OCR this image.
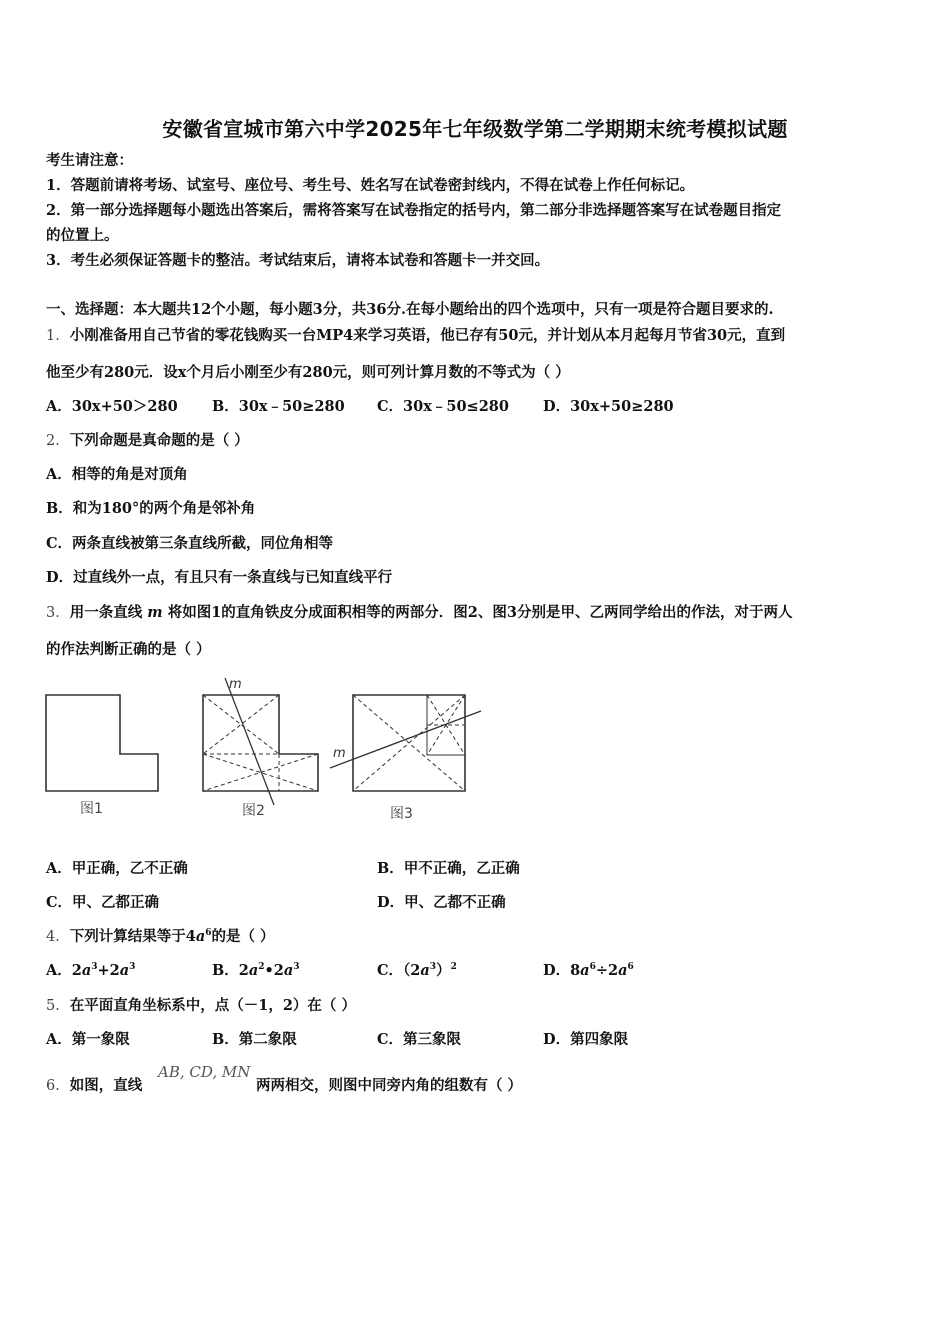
安徽省宣城市第六中学2025年七年级数学第二学期期末统考模拟试题
考生请注意：
1．答题前请将考场、试室号、座位号、考生号、姓名写在试卷密封线内，不得在试卷上作任何标记。
2．第一部分选择题每小题选出答案后，需将答案写在试卷指定的括号内，第二部分非选择题答案写在试卷题目指定
的位置上。
3．考生必须保证答题卡的整洁。考试结束后，请将本试卷和答题卡一并交回。
一、选择题：本大题共12个小题，每小题3分，共36分.在每小题给出的四个选项中，只有一项是符合题目要求的.
1．小刚准备用自己节省的零花钱购买一台MP4来学习英语，他已存有50元，并计划从本月起每月节省30元，直到
他至少有280元．设x个月后小刚至少有280元，则可列计算月数的不等式为（ ）
A．30x+50＞280 B．30x﹣50≥280 C．30x﹣50≤280 D．30x+50≥280
2．下列命题是真命题的是（ ）
A．相等的角是对顶角
B．和为180°的两个角是邻补角
C．两条直线被第三条直线所截，同位角相等
D．过直线外一点，有且只有一条直线与已知直线平行
3．用一条直线 m 将如图1的直角铁皮分成面积相等的两部分．图2、图3分别是甲、乙两同学给出的作法，对于两人
的作法判断正确的是（ ）
图1
m
图2
m
图3
A．甲正确，乙不正确	B．甲不正确，乙正确
C．甲、乙都正确	D．甲、乙都不正确
4．下列计算结果等于$4a^6$的是（ ）
A．$2a^3+2a^3$	B．$2a^2•2a^3$	C．$(2a^3)^2$	D．$8a^6\div 2a^6$
5．在平面直角坐标系中，点（－1，2）在（ ）
A．第一象限	B．第二象限	C．第三象限	D．第四象限
6．如图，直线
AB, CD, MN
两两相交，则图中同旁内角的组数有（ ）
